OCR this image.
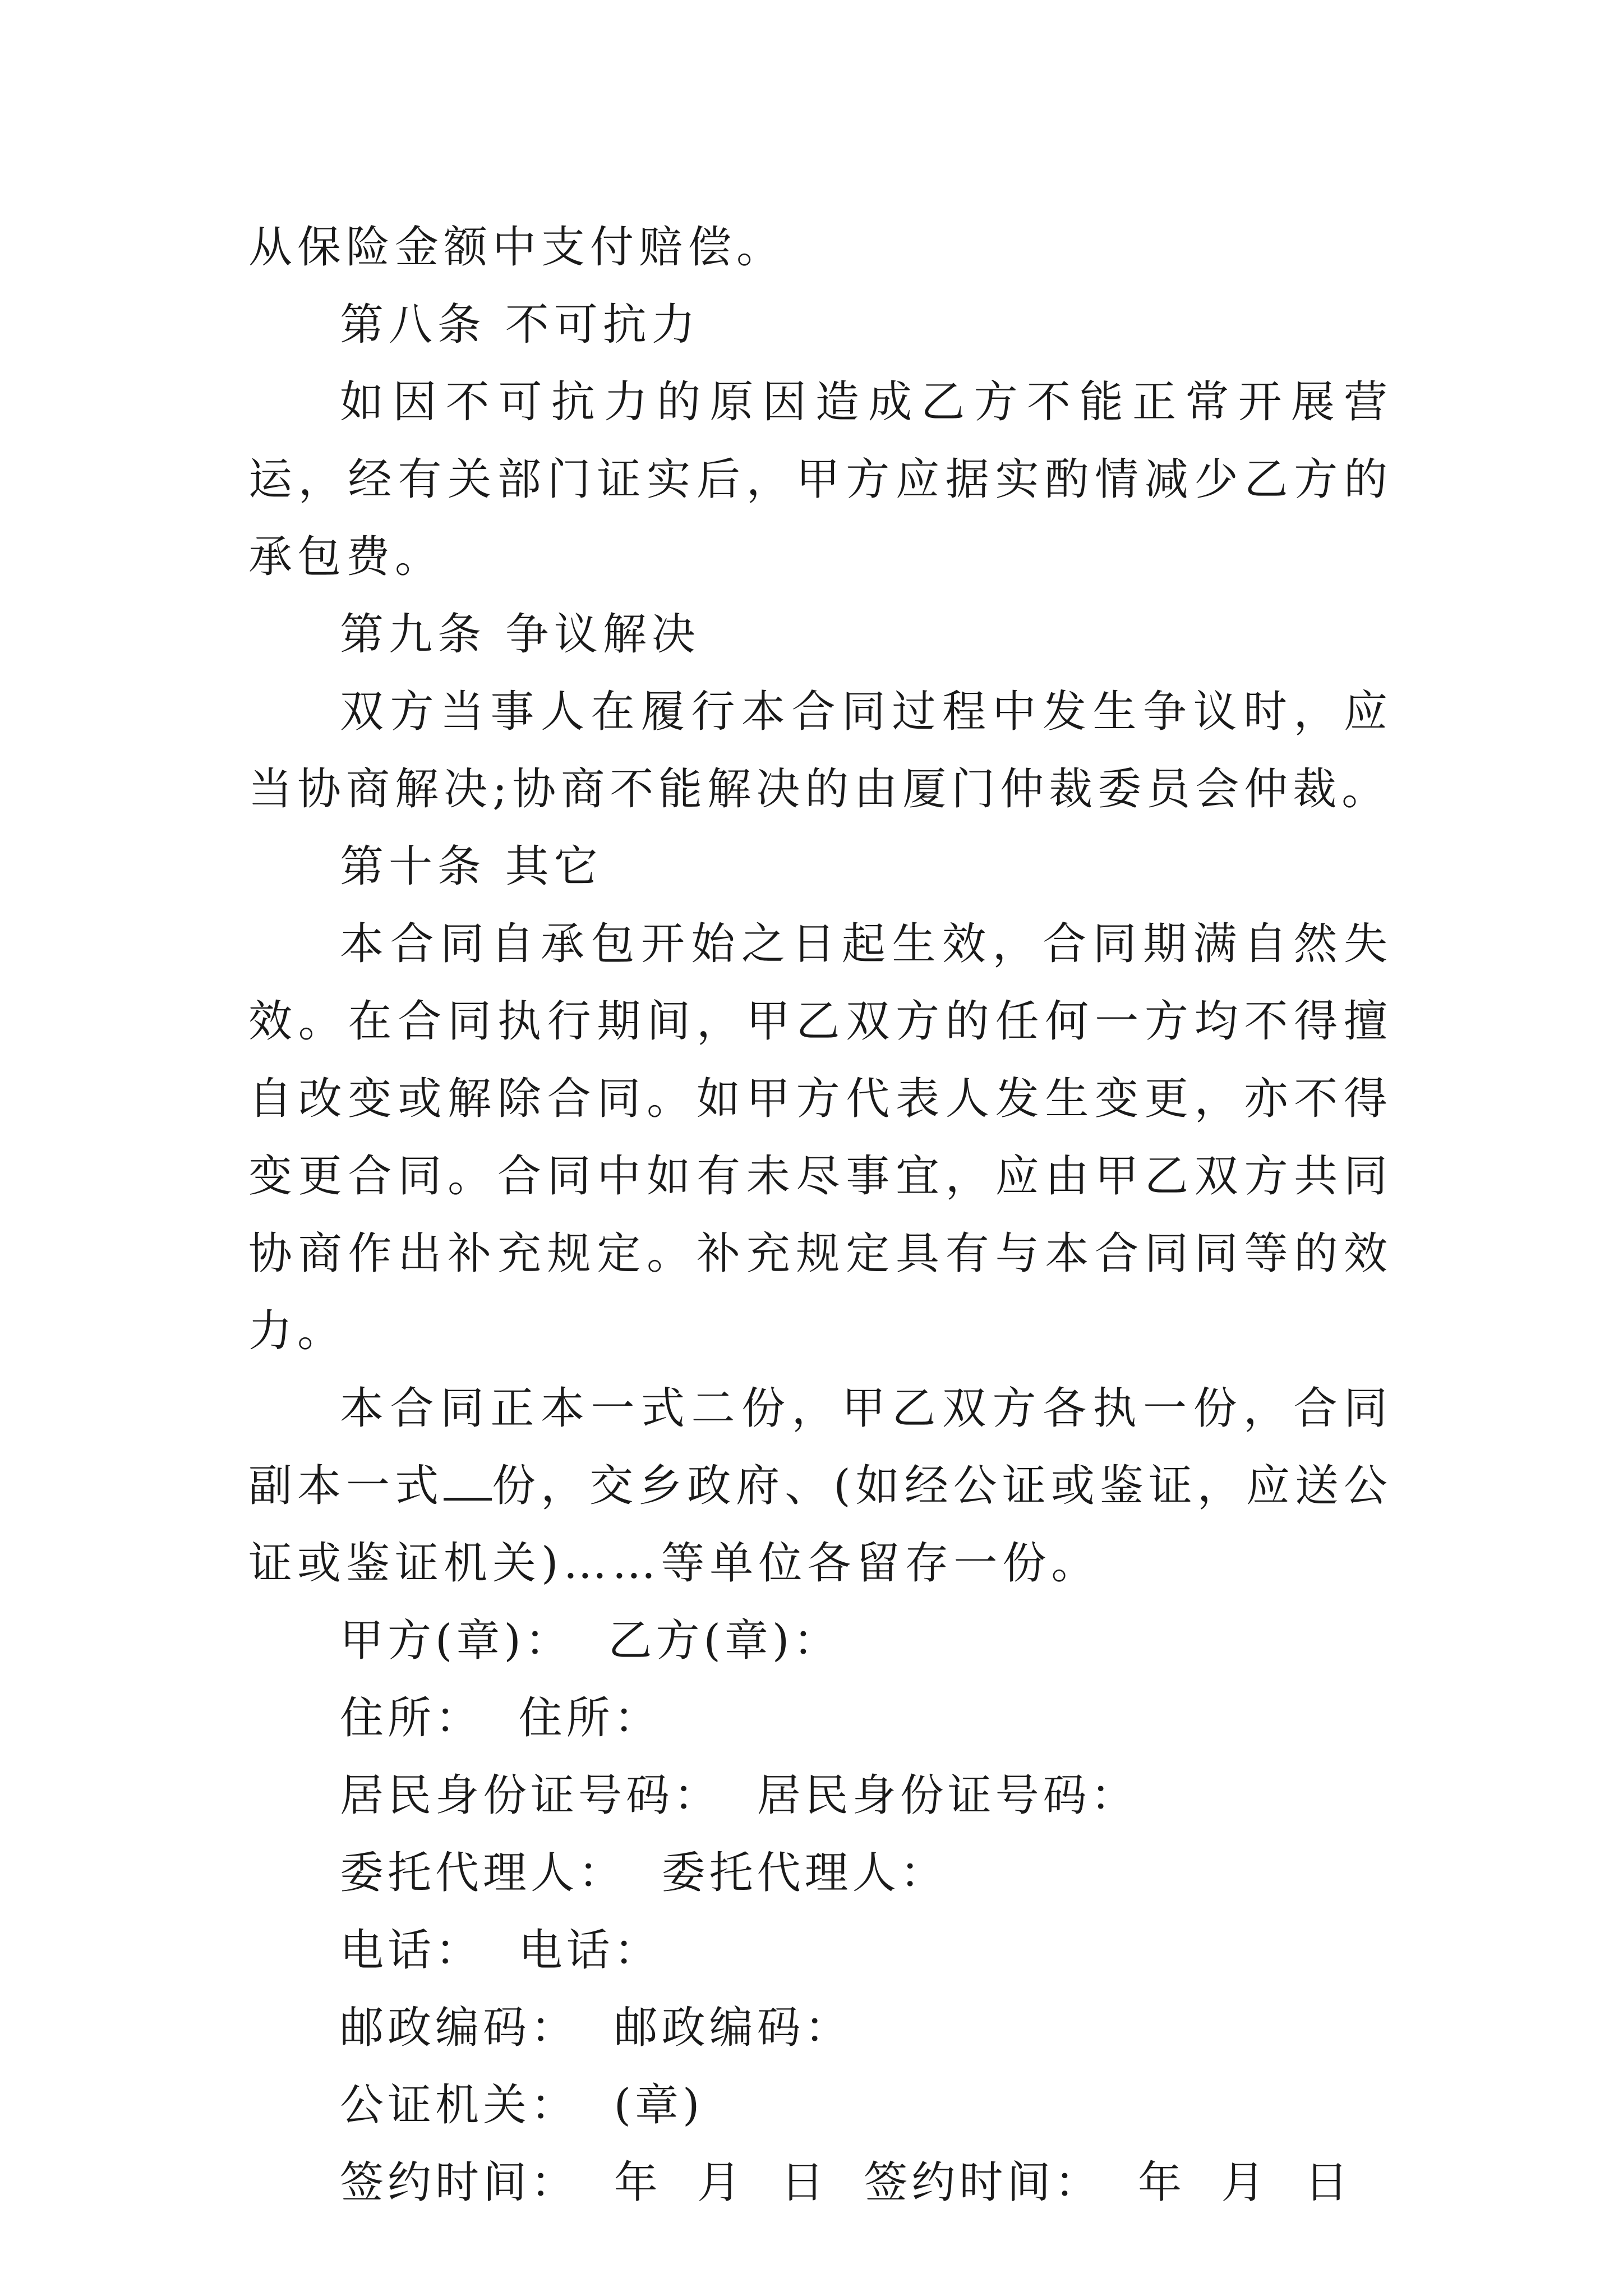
从保险金额中支付赔偿。

第八条 不可抗力

如因不可抗力的原因造成乙方不能正常开展营运，经有关部门证实后，甲方应据实酌情减少乙方的承包费。

第九条 争议解决

双方当事人在履行本合同过程中发生争议时，应当协商解决;协商不能解决的由厦门仲裁委员会仲裁。

第十条 其它

本合同自承包开始之日起生效，合同期满自然失效。在合同执行期间，甲乙双方的任何一方均不得擅自改变或解除合同。如甲方代表人发生变更，亦不得变更合同。合同中如有未尽事宜，应由甲乙双方共同协商作出补充规定。补充规定具有与本合同同等的效力。

本合同正本一式二份，甲乙双方各执一份，合同副本一式 份，交乡政府、(如经公证或鉴证，应送公证或鉴证机关)……等单位各留存一份。

甲方(章)：  乙方(章)：

住所：  住所：

居民身份证号码：  居民身份证号码：

委托代理人：  委托代理人：

电话：  电话：

邮政编码：  邮政编码：

公证机关：  (章)

签约时间：  年  月  日  签约时间：  年  月  日
